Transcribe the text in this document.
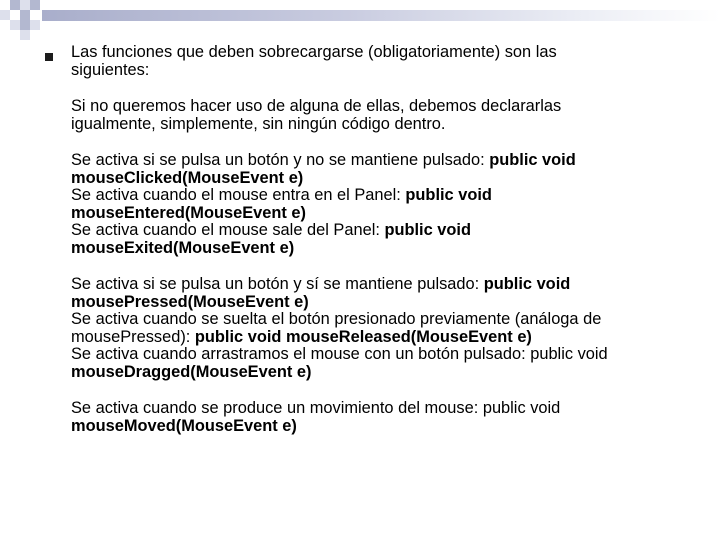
Las funciones que deben sobrecargarse (obligatoriamente) son las
siguientes:

Si no queremos hacer uso de alguna de ellas, debemos declararlas
igualmente, simplemente, sin ningún código dentro.

Se activa si se pulsa un botón y no se mantiene pulsado: public void
mouseClicked(MouseEvent e)
Se activa cuando el mouse entra en el Panel: public void
mouseEntered(MouseEvent e)
Se activa cuando el mouse sale del Panel: public void
mouseExited(MouseEvent e)

Se activa si se pulsa un botón y sí se mantiene pulsado: public void
mousePressed(MouseEvent e)
Se activa cuando se suelta el botón presionado previamente (análoga de
mousePressed): public void mouseReleased(MouseEvent e)
Se activa cuando arrastramos el mouse con un botón pulsado: public void
mouseDragged(MouseEvent e)

Se activa cuando se produce un movimiento del mouse: public void
mouseMoved(MouseEvent e)
